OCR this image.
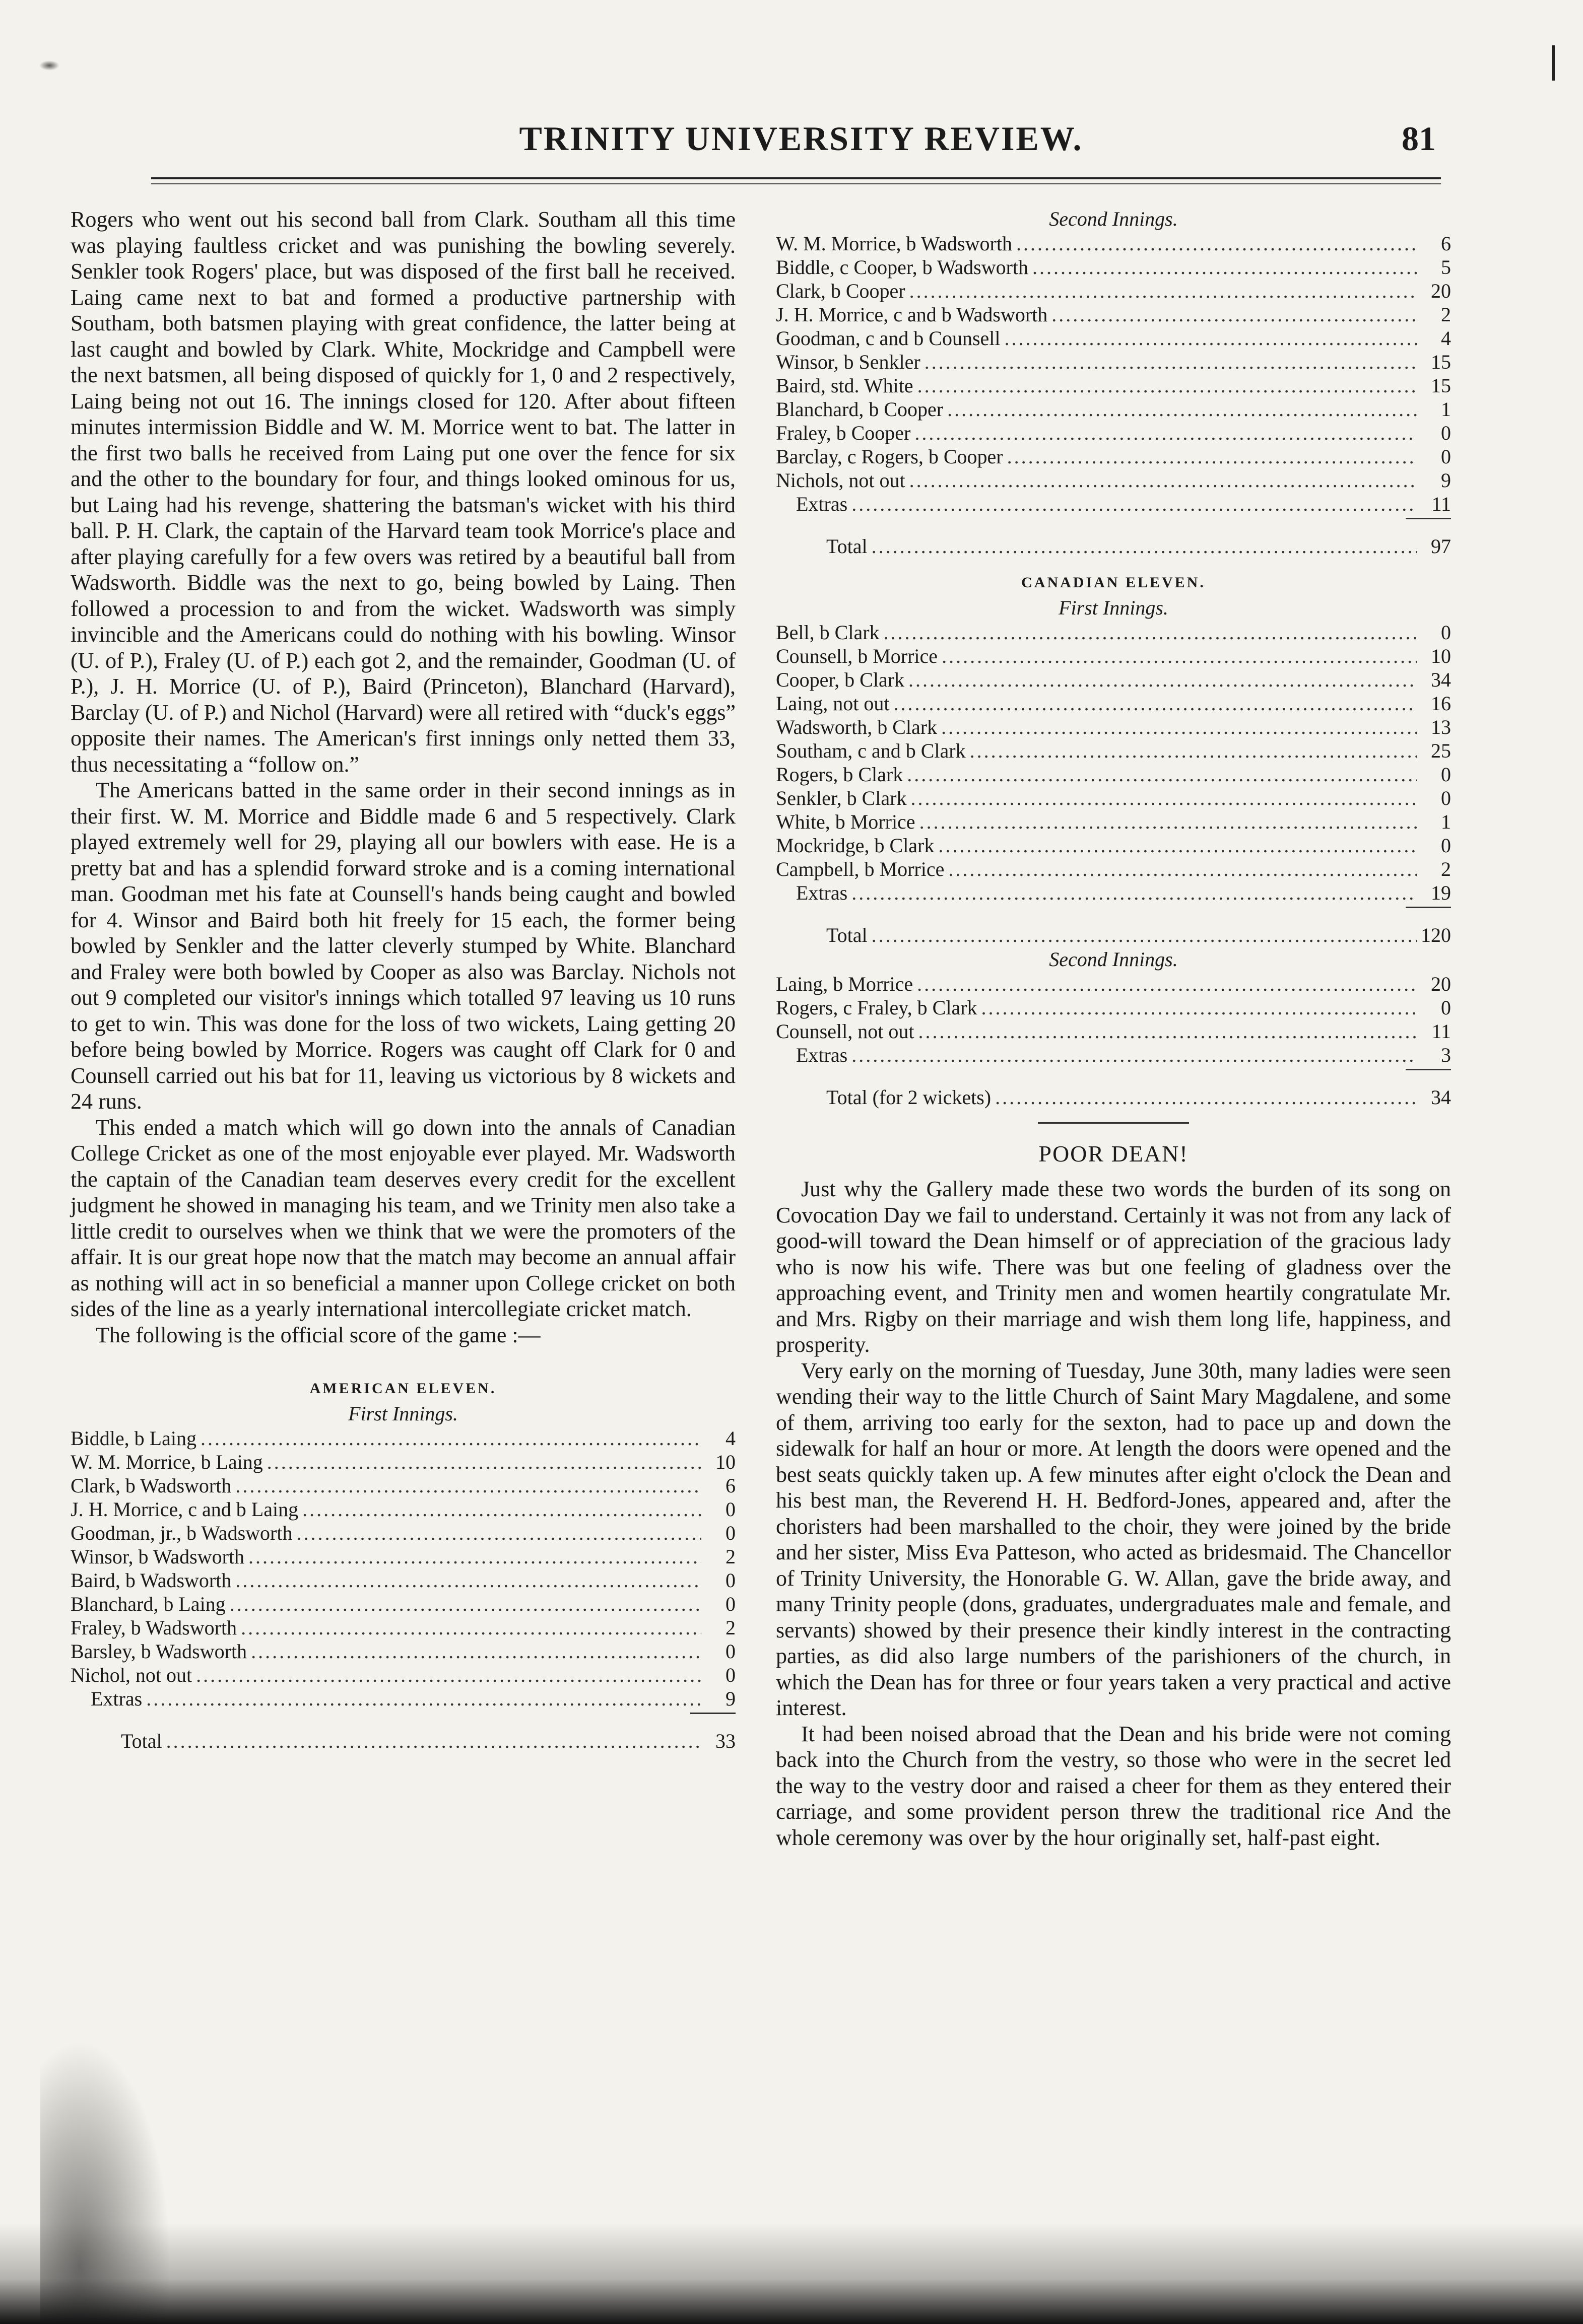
TRINITY UNIVERSITY REVIEW.	81

Rogers who went out his second ball from Clark. Southam all this time was playing faultless cricket and was punishing the bowling severely. Senkler took Rogers' place, but was disposed of the first ball he received. Laing came next to bat and formed a productive partnership with Southam, both batsmen playing with great confidence, the latter being at last caught and bowled by Clark. White, Mockridge and Campbell were the next batsmen, all being disposed of quickly for 1, 0 and 2 respectively, Laing being not out 16. The innings closed for 120. After about fifteen minutes intermission Biddle and W. M. Morrice went to bat. The latter in the first two balls he received from Laing put one over the fence for six and the other to the boundary for four, and things looked ominous for us, but Laing had his revenge, shattering the batsman's wicket with his third ball. P. H. Clark, the captain of the Harvard team took Morrice's place and after playing carefully for a few overs was retired by a beautiful ball from Wadsworth. Biddle was the next to go, being bowled by Laing. Then followed a procession to and from the wicket. Wadsworth was simply invincible and the Americans could do nothing with his bowling. Winsor (U. of P.), Fraley (U. of P.) each got 2, and the remainder, Goodman (U. of P.), J. H. Morrice (U. of P.), Baird (Princeton), Blanchard (Harvard), Barclay (U. of P.) and Nichol (Harvard) were all retired with “duck's eggs” opposite their names. The American's first innings only netted them 33, thus necessitating a “follow on.”

The Americans batted in the same order in their second innings as in their first. W. M. Morrice and Biddle made 6 and 5 respectively. Clark played extremely well for 29, playing all our bowlers with ease. He is a pretty bat and has a splendid forward stroke and is a coming international man. Goodman met his fate at Counsell's hands being caught and bowled for 4. Winsor and Baird both hit freely for 15 each, the former being bowled by Senkler and the latter cleverly stumped by White. Blanchard and Fraley were both bowled by Cooper as also was Barclay. Nichols not out 9 completed our visitor's innings which totalled 97 leaving us 10 runs to get to win. This was done for the loss of two wickets, Laing getting 20 before being bowled by Morrice. Rogers was caught off Clark for 0 and Counsell carried out his bat for 11, leaving us victorious by 8 wickets and 24 runs.

This ended a match which will go down into the annals of Canadian College Cricket as one of the most enjoyable ever played. Mr. Wadsworth the captain of the Canadian team deserves every credit for the excellent judgment he showed in managing his team, and we Trinity men also take a little credit to ourselves when we think that we were the promoters of the affair. It is our great hope now that the match may become an annual affair as nothing will act in so beneficial a manner upon College cricket on both sides of the line as a yearly international intercollegiate cricket match.

The following is the official score of the game :—

AMERICAN ELEVEN.

First Innings.

Biddle, b Laing .....	4
W. M. Morrice, b Laing .....	10
Clark, b Wadsworth .....	6
J. H. Morrice, c and b Laing .....	0
Goodman, jr., b Wadsworth .....	0
Winsor, b Wadsworth .....	2
Baird, b Wadsworth .....	0
Blanchard, b Laing .....	0
Fraley, b Wadsworth .....	2
Barsley, b Wadsworth .....	0
Nichol, not out .....	0
Extras .....	9
Total .....	33

Second Innings.

W. M. Morrice, b Wadsworth .....	6
Biddle, c Cooper, b Wadsworth .....	5
Clark, b Cooper .....	20
J. H. Morrice, c and b Wadsworth .....	2
Goodman, c and b Counsell .....	4
Winsor, b Senkler .....	15
Baird, std. White .....	15
Blanchard, b Cooper .....	1
Fraley, b Cooper .....	0
Barclay, c Rogers, b Cooper .....	0
Nichols, not out .....	9
Extras .....	11
Total .....	97

CANADIAN ELEVEN.

First Innings.

Bell, b Clark .....	0
Counsell, b Morrice .....	10
Cooper, b Clark .....	34
Laing, not out .....	16
Wadsworth, b Clark .....	13
Southam, c and b Clark .....	25
Rogers, b Clark .....	0
Senkler, b Clark .....	0
White, b Morrice .....	1
Mockridge, b Clark .....	0
Campbell, b Morrice .....	2
Extras .....	19
Total .....	120

Second Innings.

Laing, b Morrice .....	20
Rogers, c Fraley, b Clark .....	0
Counsell, not out .....	11
Extras .....	3
Total (for 2 wickets) .....	34

POOR DEAN!

Just why the Gallery made these two words the burden of its song on Covocation Day we fail to understand. Certainly it was not from any lack of good-will toward the Dean himself or of appreciation of the gracious lady who is now his wife. There was but one feeling of gladness over the approaching event, and Trinity men and women heartily congratulate Mr. and Mrs. Rigby on their marriage and wish them long life, happiness, and prosperity.

Very early on the morning of Tuesday, June 30th, many ladies were seen wending their way to the little Church of Saint Mary Magdalene, and some of them, arriving too early for the sexton, had to pace up and down the sidewalk for half an hour or more. At length the doors were opened and the best seats quickly taken up. A few minutes after eight o'clock the Dean and his best man, the Reverend H. H. Bedford-Jones, appeared and, after the choristers had been marshalled to the choir, they were joined by the bride and her sister, Miss Eva Patteson, who acted as bridesmaid. The Chancellor of Trinity University, the Honorable G. W. Allan, gave the bride away, and many Trinity people (dons, graduates, undergraduates male and female, and servants) showed by their presence their kindly interest in the contracting parties, as did also large numbers of the parishioners of the church, in which the Dean has for three or four years taken a very practical and active interest.

It had been noised abroad that the Dean and his bride were not coming back into the Church from the vestry, so those who were in the secret led the way to the vestry door and raised a cheer for them as they entered their carriage, and some provident person threw the traditional rice And the whole ceremony was over by the hour originally set, half-past eight.
